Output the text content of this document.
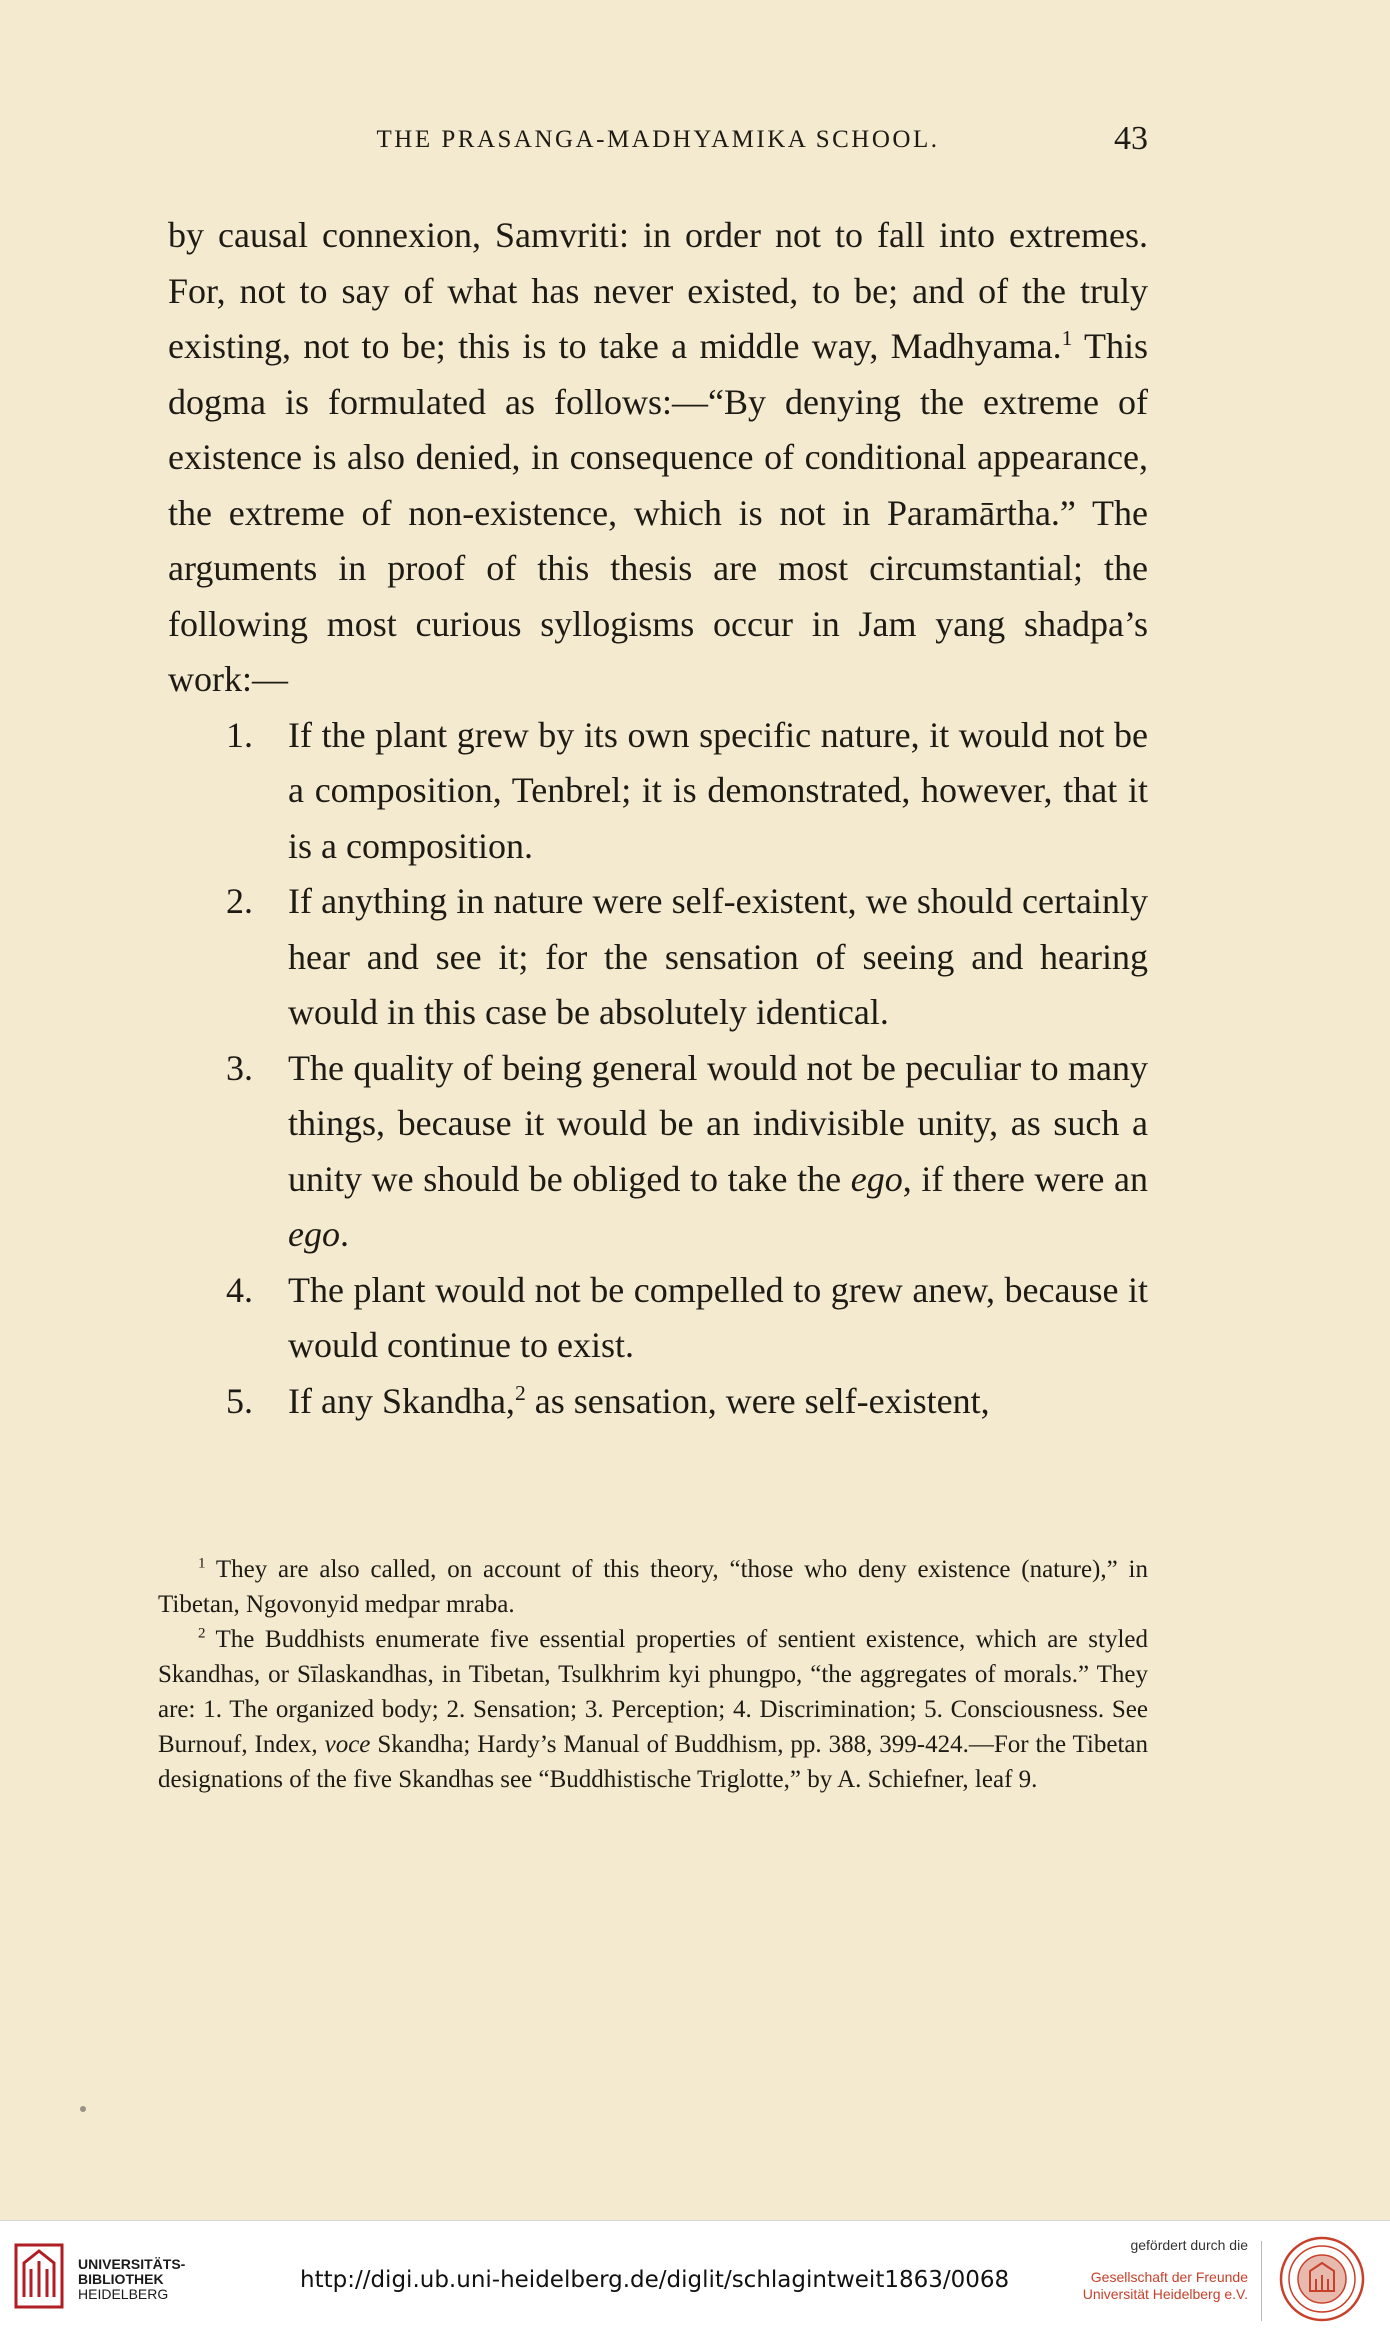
THE PRASANGA-MADHYAMIKA SCHOOL.	43

by causal connexion, Samvriti: in order not to fall into extremes. For, not to say of what has never existed, to be; and of the truly existing, not to be; this is to take a middle way, Madhyama.$^1$ This dogma is formulated as follows:—“By denying the extreme of existence is also denied, in consequence of conditional appearance, the extreme of non-existence, which is not in Paramārtha.” The arguments in proof of this thesis are most circumstantial; the following most curious syllogisms occur in Jam yang shadpa’s work:—

1. If the plant grew by its own specific nature, it would not be a composition, Tenbrel; it is demonstrated, however, that it is a composition.
2. If anything in nature were self-existent, we should certainly hear and see it; for the sensation of seeing and hearing would in this case be absolutely identical.
3. The quality of being general would not be peculiar to many things, because it would be an indivisible unity, as such a unity we should be obliged to take the ego, if there were an ego.
4. The plant would not be compelled to grew anew, because it would continue to exist.
5. If any Skandha,$^2$ as sensation, were self-existent,

$^1$ They are also called, on account of this theory, “those who deny existence (nature),” in Tibetan, Ngovonyid medpar mraba.

$^2$ The Buddhists enumerate five essential properties of sentient existence, which are styled Skandhas, or Sīlaskandhas, in Tibetan, Tsulkhrim kyi phungpo, “the aggregates of morals.” They are: 1. The organized body; 2. Sensation; 3. Perception; 4. Discrimination; 5. Consciousness. See Burnouf, Index, voce Skandha; Hardy’s Manual of Buddhism, pp. 388, 399-424.—For the Tibetan designations of the five Skandhas see “Buddhistische Triglotte,” by A. Schiefner, leaf 9.

UNIVERSITÄTS-
BIBLIOTHEK
HEIDELBERG
http://digi.ub.uni-heidelberg.de/diglit/schlagintweit1863/0068
gefördert durch die
Gesellschaft der Freunde
Universität Heidelberg e.V.
